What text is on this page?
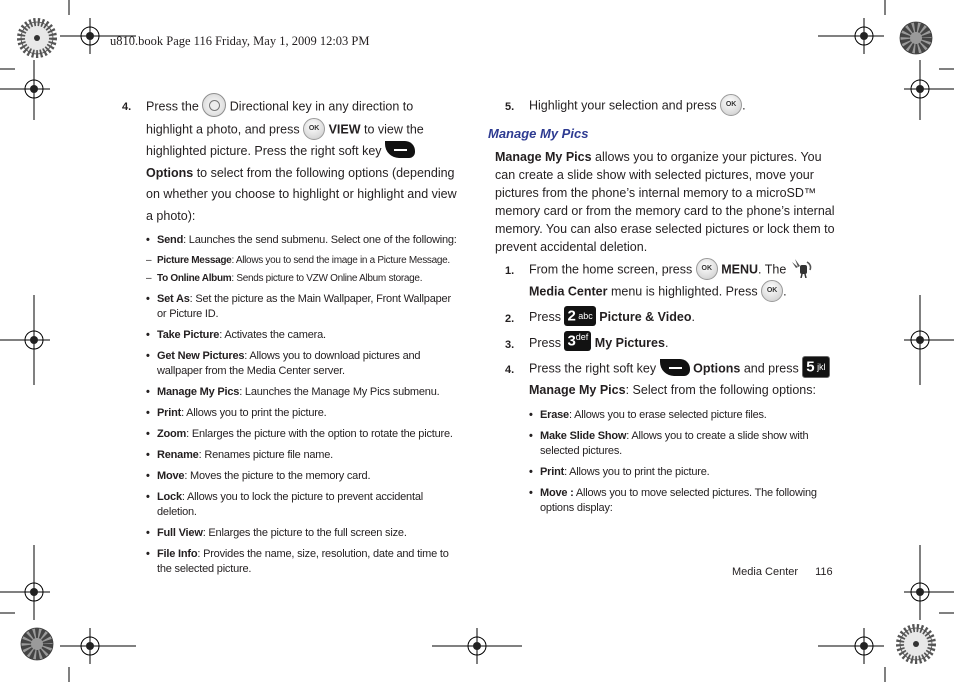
u810.book Page 116 Friday, May 1, 2009 12:03 PM
4. Press the Directional key in any direction to highlight a photo, and press OK VIEW to view the highlighted picture. Press the right soft key  Options to select from the following options (depending on whether you choose to highlight or highlight and view a photo):
• Send: Launches the send submenu. Select one of the following:
– Picture Message: Allows you to send the image in a Picture Message.
– To Online Album: Sends picture to VZW Online Album storage.
• Set As: Set the picture as the Main Wallpaper, Front Wallpaper or Picture ID.
• Take Picture: Activates the camera.
• Get New Pictures: Allows you to download pictures and wallpaper from the Media Center server.
• Manage My Pics: Launches the Manage My Pics submenu.
• Print: Allows you to print the picture.
• Zoom: Enlarges the picture with the option to rotate the picture.
• Rename: Renames picture file name.
• Move: Moves the picture to the memory card.
• Lock: Allows you to lock the picture to prevent accidental deletion.
• Full View: Enlarges the picture to the full screen size.
• File Info: Provides the name, size, resolution, date and time to the selected picture.
5. Highlight your selection and press OK .
Manage My Pics
Manage My Pics allows you to organize your pictures. You can create a slide show with selected pictures, move your pictures from the phone’s internal memory to a microSD™ memory card or from the memory card to the phone’s internal memory. You can also erase selected pictures or lock them to prevent accidental deletion.
1. From the home screen, press OK MENU. The  Media Center menu is highlighted. Press OK .
2. Press 2 abc Picture & Video.
3. Press 3def My Pictures.
4. Press the right soft key	Options and press 5 jkl
Manage My Pics: Select from the following options:
• Erase: Allows you to erase selected picture files.
• Make Slide Show: Allows you to create a slide show with selected pictures.
• Print: Allows you to print the picture.
• Move : Allows you to move selected pictures. The following options display:
Media Center 116
